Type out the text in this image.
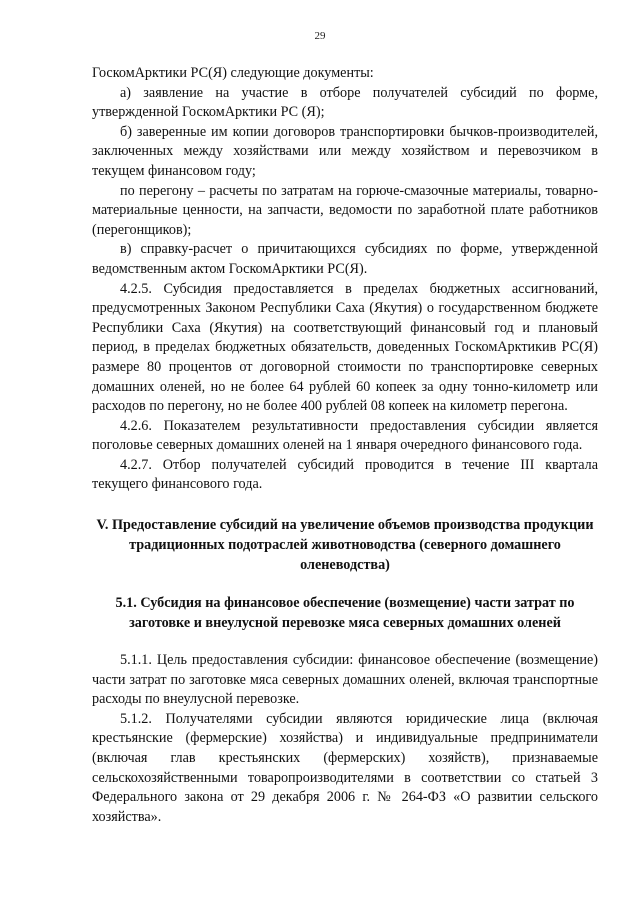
29

ГоскомАрктики РС(Я) следующие документы:

а) заявление на участие в отборе получателей субсидий по форме, утвержденной ГоскомАрктики РС (Я);

б) заверенные им копии договоров транспортировки бычков-производителей, заключенных между хозяйствами или между хозяйством и перевозчиком в текущем финансовом году;

по перегону – расчеты по затратам на горюче-смазочные материалы, товарно-материальные ценности, на запчасти, ведомости по заработной плате работников (перегонщиков);

в) справку-расчет о причитающихся субсидиях по форме, утвержденной ведомственным актом ГоскомАрктики РС(Я).

4.2.5. Субсидия предоставляется в пределах бюджетных ассигнований, предусмотренных Законом Республики Саха (Якутия) о государственном бюджете Республики Саха (Якутия) на соответствующий финансовый год и плановый период, в пределах бюджетных обязательств, доведенных ГоскомАрктикив РС(Я) размере 80 процентов от договорной стоимости по транспортировке северных домашних оленей, но не более 64 рублей 60 копеек за одну тонно-километр или расходов по перегону, но не более 400 рублей 08 копеек на километр перегона.

4.2.6. Показателем результативности предоставления субсидии является поголовье северных домашних оленей на 1 января очередного финансового года.

4.2.7. Отбор получателей субсидий проводится в течение III квартала текущего финансового года.

V. Предоставление субсидий на увеличение объемов производства продукции традиционных подотраслей животноводства (северного домашнего оленеводства)

5.1. Субсидия на финансовое обеспечение (возмещение) части затрат по заготовке и внеулусной перевозке мяса северных домашних оленей

5.1.1. Цель предоставления субсидии: финансовое обеспечение (возмещение) части затрат по заготовке мяса северных домашних оленей, включая транспортные расходы по внеулусной перевозке.

5.1.2. Получателями субсидии являются юридические лица (включая крестьянские (фермерские) хозяйства) и индивидуальные предприниматели (включая глав крестьянских (фермерских) хозяйств), признаваемые сельскохозяйственными товаропроизводителями в соответствии со статьей 3 Федерального закона от 29 декабря 2006 г. № 264-ФЗ «О развитии сельского хозяйства».
